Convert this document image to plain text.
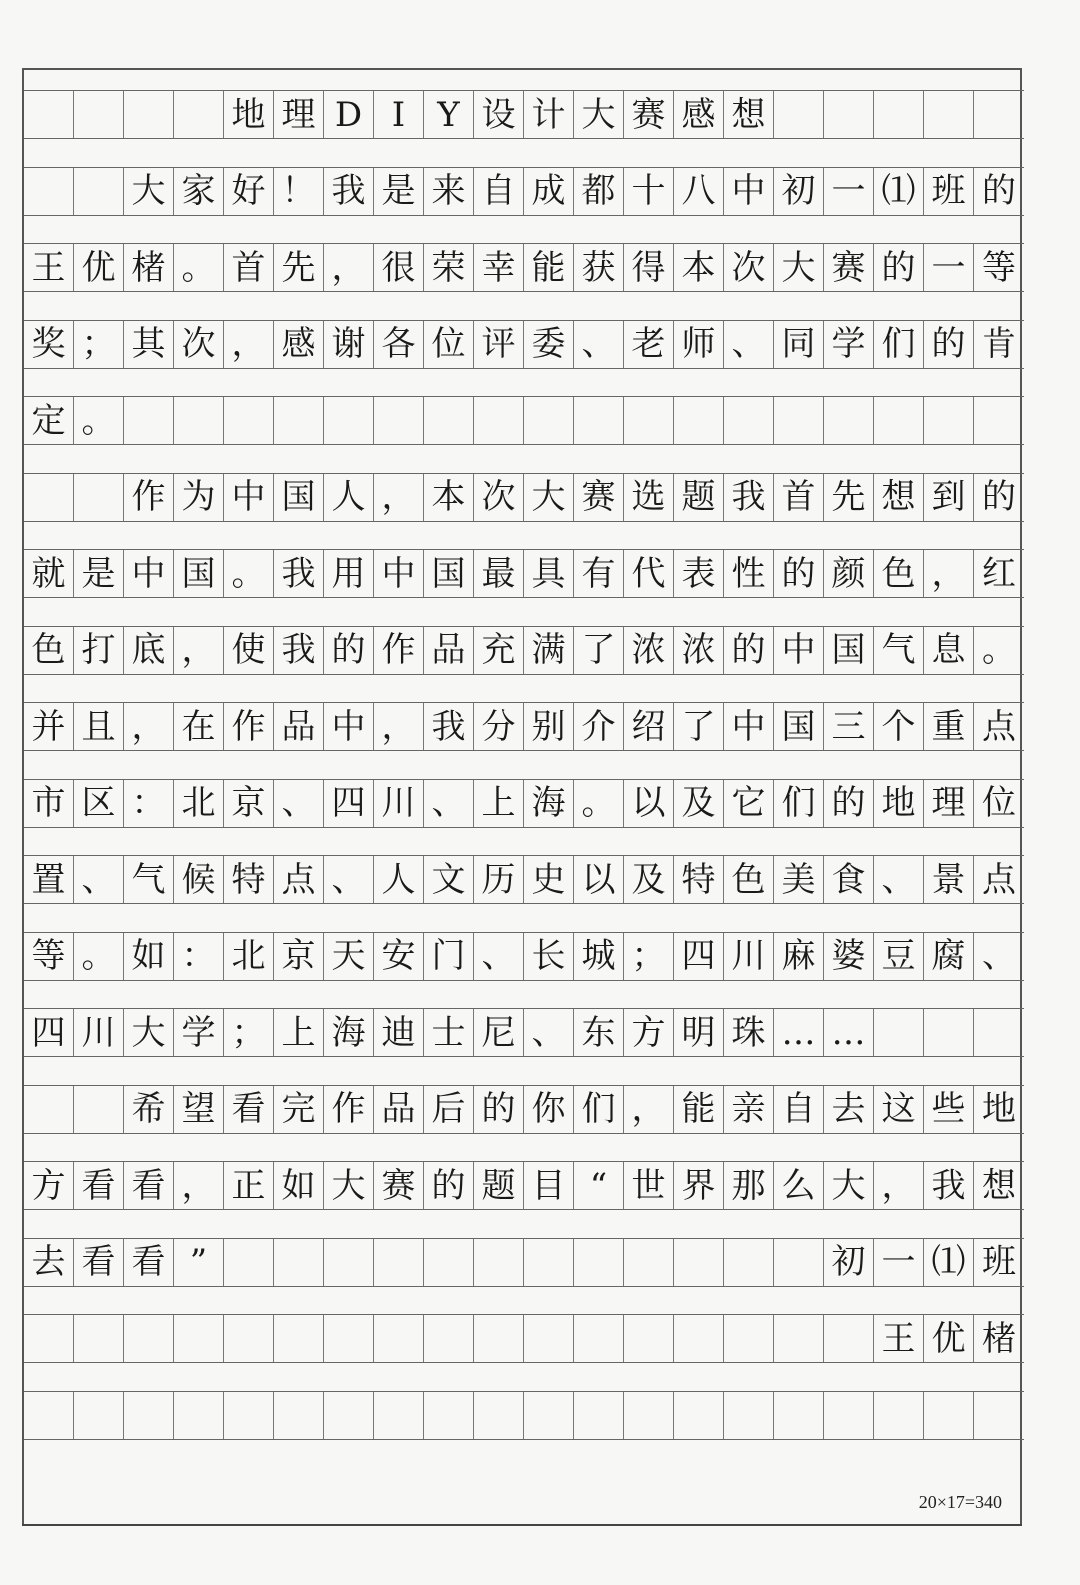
地 理 D I Y 设 计 大 赛 感 想
大 家 好 ！ 我 是 来 自 成 都 十 八 中 初 一 ⑴ 班 的
王 优 楮 。 首 先 ， 很 荣 幸 能 获 得 本 次 大 赛 的 一 等
奖 ； 其 次 ， 感 谢 各 位 评 委 、 老 师 、 同 学 们 的 肯
定 。
作 为 中 国 人 ， 本 次 大 赛 选 题 我 首 先 想 到 的
就 是 中 国 。 我 用 中 国 最 具 有 代 表 性 的 颜 色 ， 红
色 打 底 ， 使 我 的 作 品 充 满 了 浓 浓 的 中 国 气 息 。
并 且 ， 在 作 品 中 ， 我 分 别 介 绍 了 中 国 三 个 重 点
市 区 ： 北 京 、 四 川 、 上 海 。 以 及 它 们 的 地 理 位
置 、 气 候 特 点 、 人 文 历 史 以 及 特 色 美 食 、 景 点
等 。 如 ： 北 京 天 安 门 、 长 城 ； 四 川 麻 婆 豆 腐 、
四 川 大 学 ； 上 海 迪 士 尼 、 东 方 明 珠 … …
希 望 看 完 作 品 后 的 你 们 ， 能 亲 自 去 这 些 地
方 看 看 ， 正 如 大 赛 的 题 目 “ 世 界 那 么 大 ， 我 想
去 看 看 ”	初 一 ⑴ 班
王 优 楮
20×17=340
